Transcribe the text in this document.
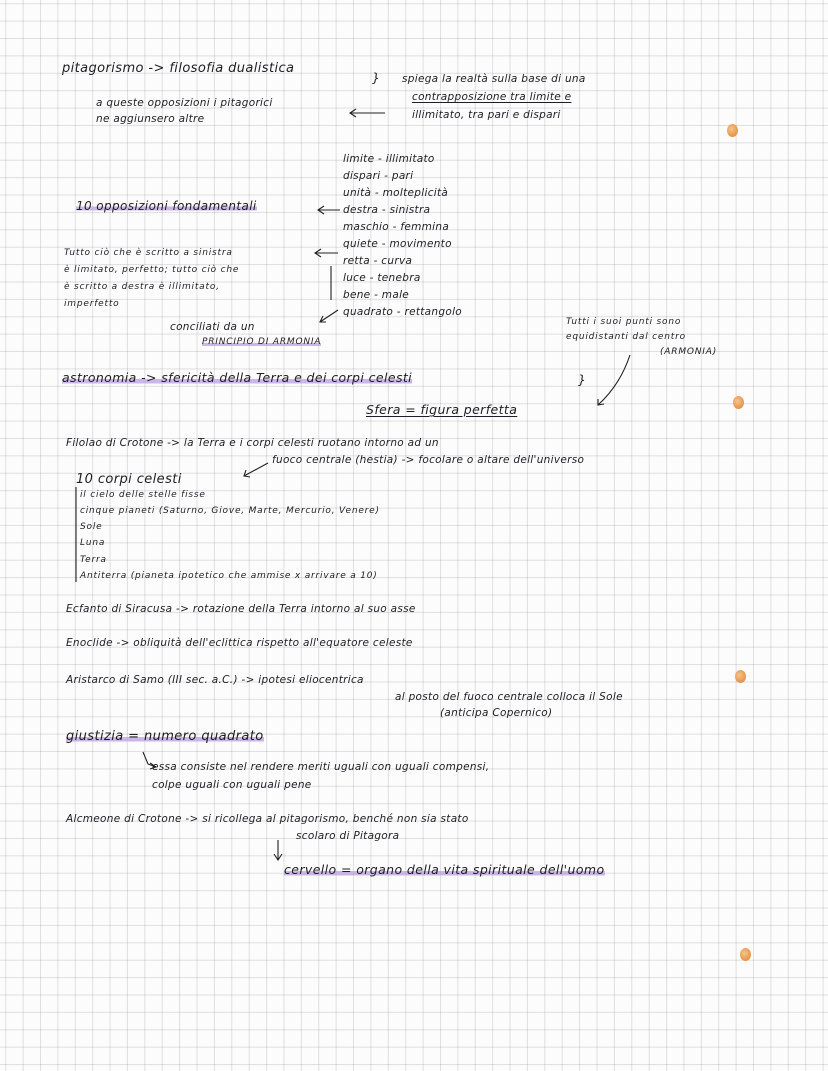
pitagorismo -> filosofia dualistica
} spiega la realtà sulla base di una
contrapposizione tra limite e
illimitato, tra pari e dispari
a queste opposizioni i pitagorici
ne aggiunsero altre
10 opposizioni fondamentali
limite - illimitato
dispari - pari
unità - molteplicità
destra - sinistra
maschio - femmina
quiete - movimento
retta - curva
luce - tenebra
bene - male
quadrato - rettangolo
Tutto ciò che è scritto a sinistra
è limitato, perfetto; tutto ciò che
è scritto a destra è illimitato,
imperfetto
conciliati da un
PRINCIPIO DI ARMONIA
Tutti i suoi punti sono
equidistanti dal centro
(ARMONIA)
astronomia -> sfericità della Terra e dei corpi celesti	}
Sfera = figura perfetta
Filolao di Crotone -> la Terra e i corpi celesti ruotano intorno ad un
fuoco centrale (hestia) -> focolare o altare dell'universo
10 corpi celesti
il cielo delle stelle fisse
cinque pianeti (Saturno, Giove, Marte, Mercurio, Venere)
Sole
Luna
Terra
Antiterra (pianeta ipotetico che ammise x arrivare a 10)
Ecfanto di Siracusa -> rotazione della Terra intorno al suo asse
Enoclide -> obliquità dell'eclittica rispetto all'equatore celeste
Aristarco di Samo (III sec. a.C.) -> ipotesi eliocentrica
al posto del fuoco centrale colloca il Sole
(anticipa Copernico)
giustizia = numero quadrato
essa consiste nel rendere meriti uguali con uguali compensi,
colpe uguali con uguali pene
Alcmeone di Crotone -> si ricollega al pitagorismo, benché non sia stato
scolaro di Pitagora
cervello = organo della vita spirituale dell'uomo
